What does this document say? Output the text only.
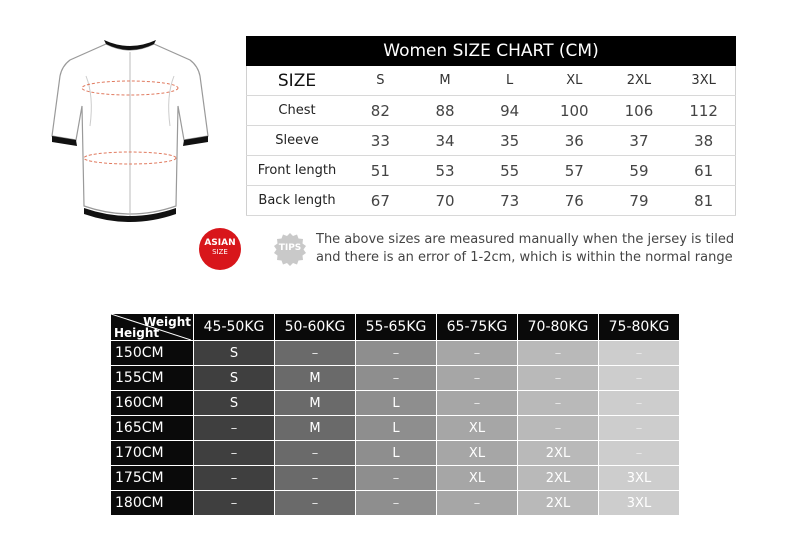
Women SIZE CHART (CM)						
SIZE	S	M	L	XL	2XL	3XL
Chest	82	88	94	100	106	112
Sleeve	33	34	35	36	37	38
Front length	51	53	55	57	59	61
Back length	67	70	73	76	79	81
ASIAN
SIZE	TIPS
The above sizes are measured manually when the jersey is tiled
and there is an error of 1-2cm, which is within the normal range
Weight
Height	45-50KG	50-60KG	55-65KG	65-75KG	70-80KG	75-80KG
150CM	S	–	–	–	–	–
155CM	S	M	–	–	–	–
160CM	S	M	L	–	–	–
165CM	–	M	L	XL	–	–
170CM	–	–	L	XL	2XL	–
175CM	–	–	–	XL	2XL	3XL
180CM	–	–	–	–	2XL	3XL
